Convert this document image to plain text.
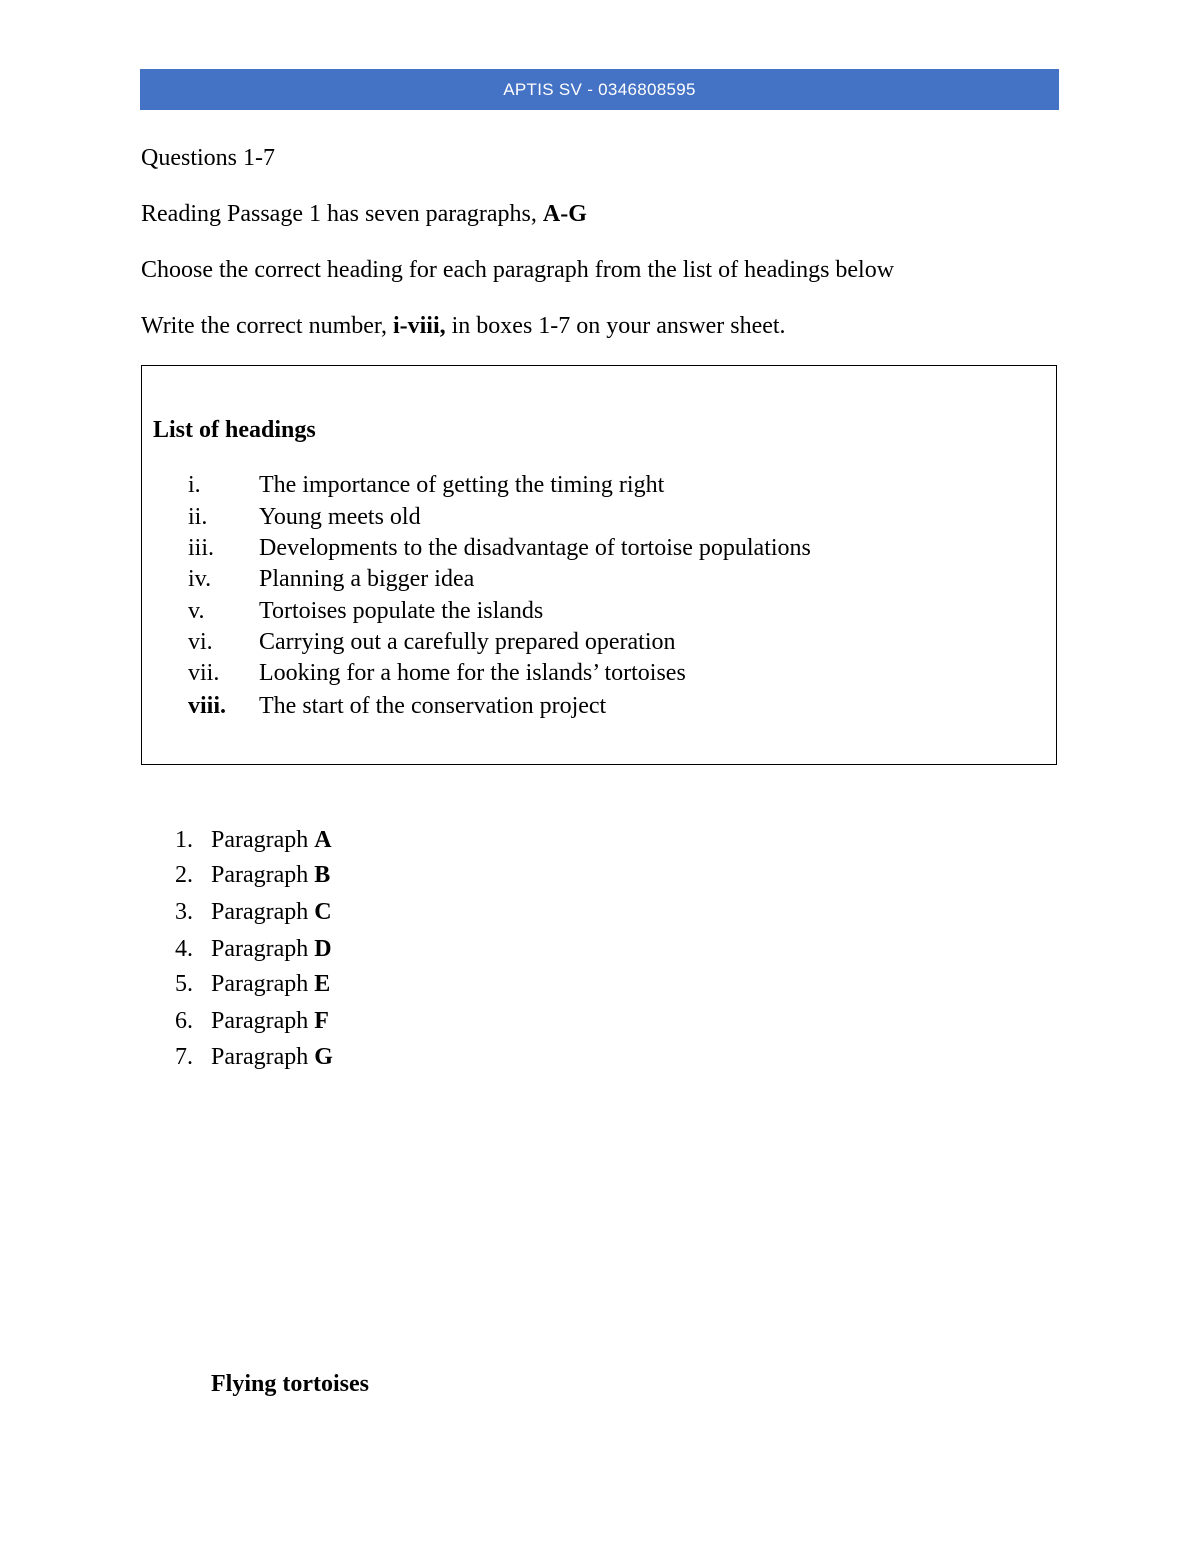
APTIS SV - 0346808595
Questions 1-7
Reading Passage 1 has seven paragraphs, A-G
Choose the correct heading for each paragraph from the list of headings below
Write the correct number, i-viii, in boxes 1-7 on your answer sheet.
List of headings
i. The importance of getting the timing right
ii. Young meets old
iii. Developments to the disadvantage of tortoise populations
iv. Planning a bigger idea
v. Tortoises populate the islands
vi. Carrying out a carefully prepared operation
vii. Looking for a home for the islands’ tortoises
viii. The start of the conservation project
1. Paragraph A
2. Paragraph B
3. Paragraph C
4. Paragraph D
5. Paragraph E
6. Paragraph F
7. Paragraph G
Flying tortoises
